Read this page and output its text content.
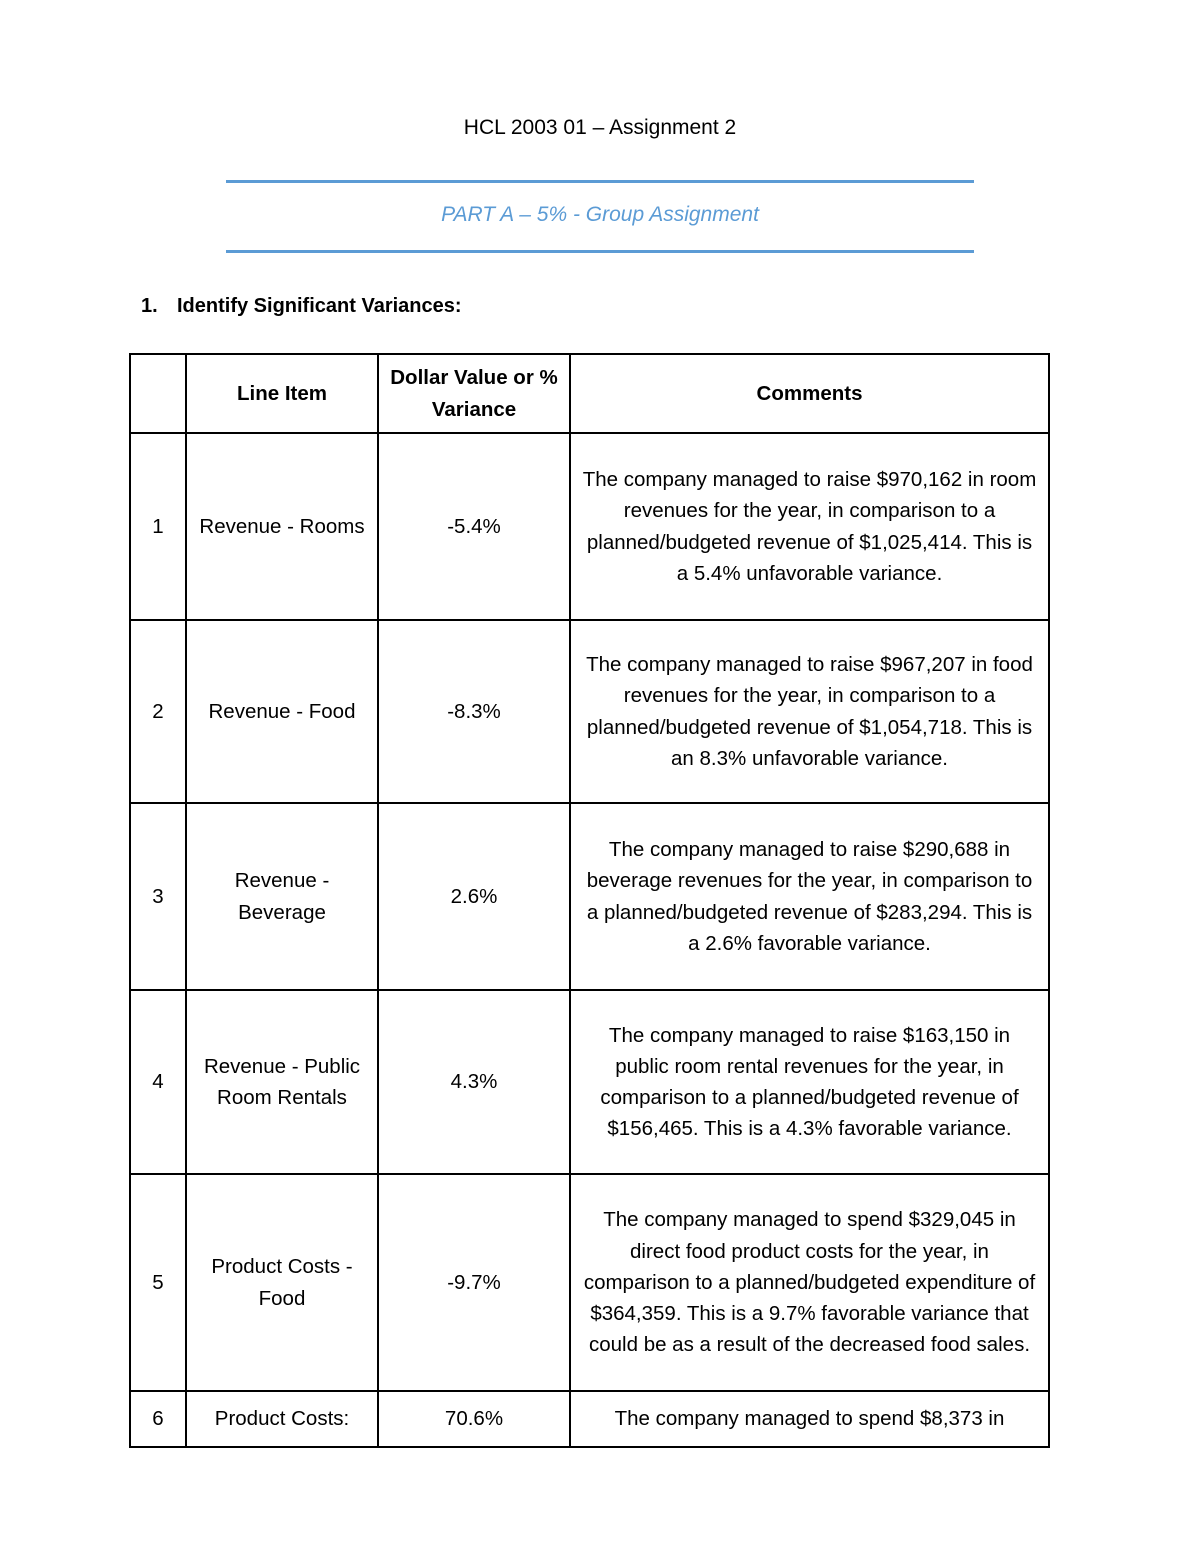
HCL 2003 01 – Assignment 2
PART A – 5% - Group Assignment
1. Identify Significant Variances:
	Line Item	Dollar Value or % Variance	Comments
1	Revenue - Rooms	-5.4%	The company managed to raise $970,162 in room revenues for the year, in comparison to a planned/budgeted revenue of $1,025,414. This is a 5.4% unfavorable variance.
2	Revenue - Food	-8.3%	The company managed to raise $967,207 in food revenues for the year, in comparison to a planned/budgeted revenue of $1,054,718. This is an 8.3% unfavorable variance.
3	Revenue - Beverage	2.6%	The company managed to raise $290,688 in beverage revenues for the year, in comparison to a planned/budgeted revenue of $283,294. This is a 2.6% favorable variance.
4	Revenue - Public Room Rentals	4.3%	The company managed to raise $163,150 in public room rental revenues for the year, in comparison to a planned/budgeted revenue of $156,465. This is a 4.3% favorable variance.
5	Product Costs - Food	-9.7%	The company managed to spend $329,045 in direct food product costs for the year, in comparison to a planned/budgeted expenditure of $364,359. This is a 9.7% favorable variance that could be as a result of the decreased food sales.
6	Product Costs:	70.6%	The company managed to spend $8,373 in
